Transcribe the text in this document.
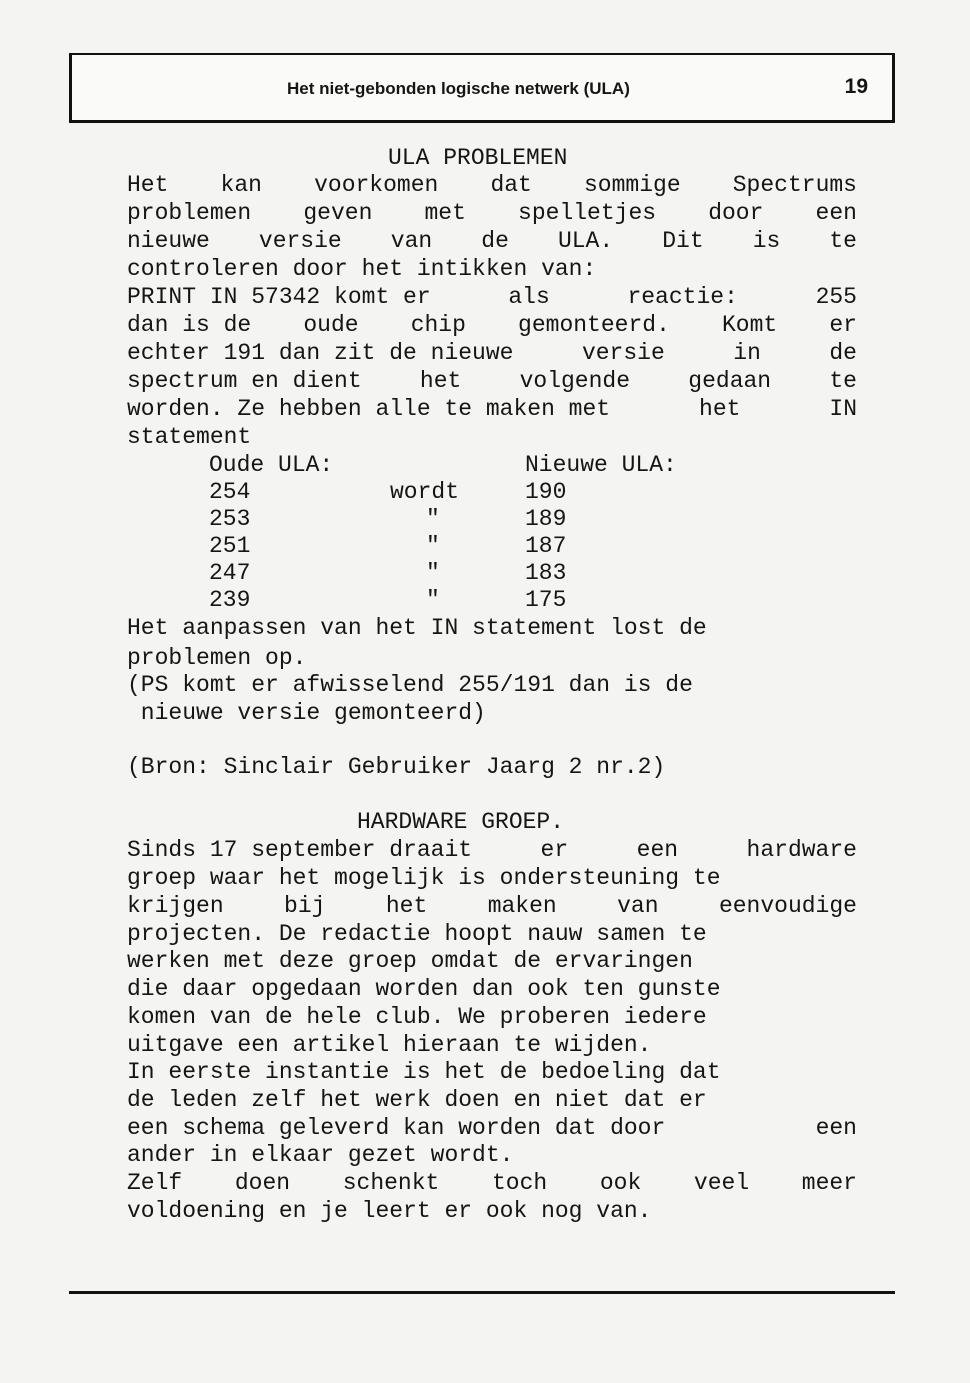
Het niet-gebonden logische netwerk (ULA)	19
ULA PROBLEMEN
Het kan voorkomen dat sommige Spectrums
problemen geven met spelletjes door een
nieuwe versie van de ULA. Dit is te
controleren door het intikken van:
PRINT IN 57342 komt er	als	reactie:	255
dan is de oude chip gemonteerd. Komt er
echter 191 dan zit de nieuwe	versie	in	de
spectrum en dient	het	volgende	gedaan	te
worden. Ze hebben alle te maken met	het	IN
statement
Oude ULA:	Nieuwe ULA:
254	wordt	190
253	"	189
251	"	187
247	"	183
239	"	175
Het aanpassen van het IN statement lost de
problemen op.
(PS komt er afwisselend 255/191 dan is de
nieuwe versie gemonteerd)
(Bron: Sinclair Gebruiker Jaarg 2 nr.2)
HARDWARE GROEP.
Sinds 17 september draait	er	een	hardware
groep waar het mogelijk is ondersteuning te
krijgen	bij	het	maken	van	eenvoudige
projecten. De redactie hoopt nauw samen te
werken met deze groep omdat de ervaringen
die daar opgedaan worden dan ook ten gunste
komen van de hele club. We proberen iedere
uitgave een artikel hieraan te wijden.
In eerste instantie is het de bedoeling dat
de leden zelf het werk doen en niet dat er
een schema geleverd kan worden dat door	een
ander in elkaar gezet wordt.
Zelf doen schenkt toch ook veel meer
voldoening en je leert er ook nog van.
